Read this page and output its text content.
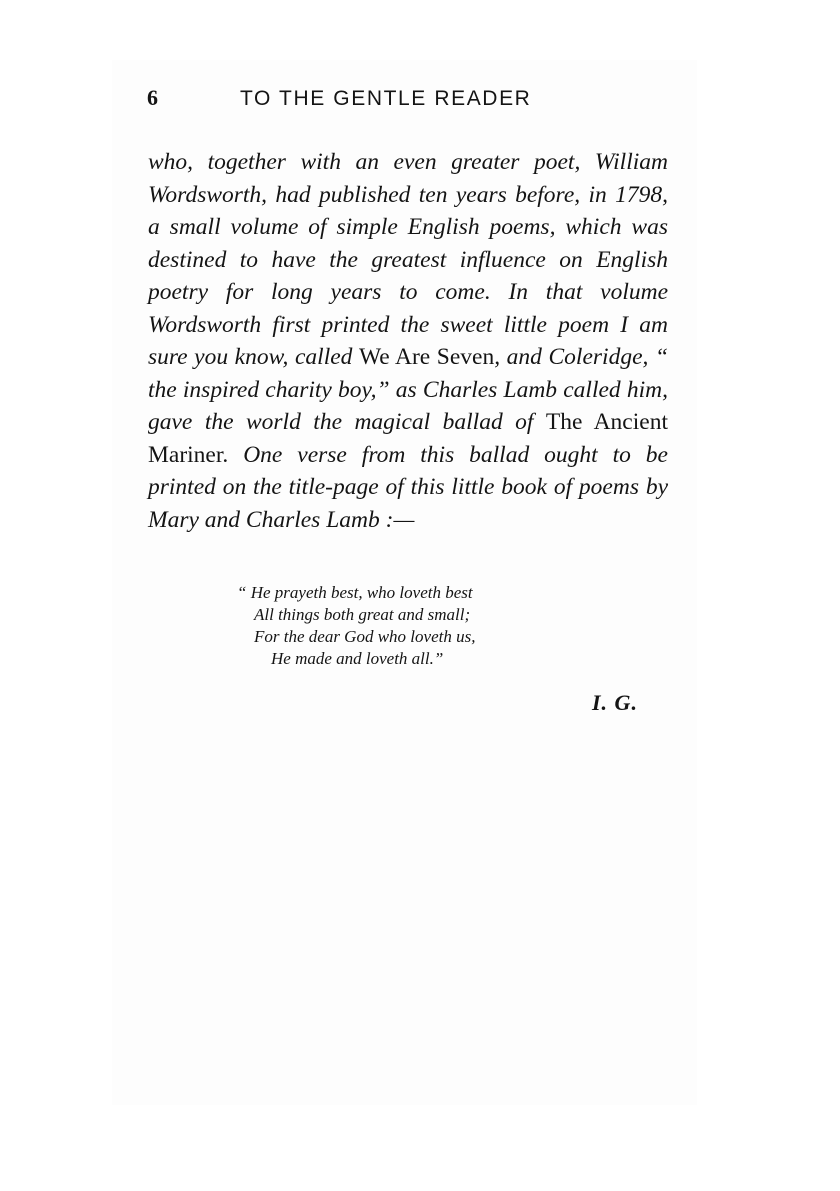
6	TO THE GENTLE READER

who, together with an even greater poet, William Wordsworth, had published ten years before, in 1798, a small volume of simple English poems, which was destined to have the greatest influence on English poetry for long years to come. In that volume Wordsworth first printed the sweet little poem I am sure you know, called We Are Seven, and Coleridge, “ the inspired charity boy,” as Charles Lamb called him, gave the world the magical ballad of The Ancient Mariner. One verse from this ballad ought to be printed on the title-page of this little book of poems by Mary and Charles Lamb :—

“ He prayeth best, who loveth best
All things both great and small;
For the dear God who loveth us,
He made and loveth all.”
I. G.
